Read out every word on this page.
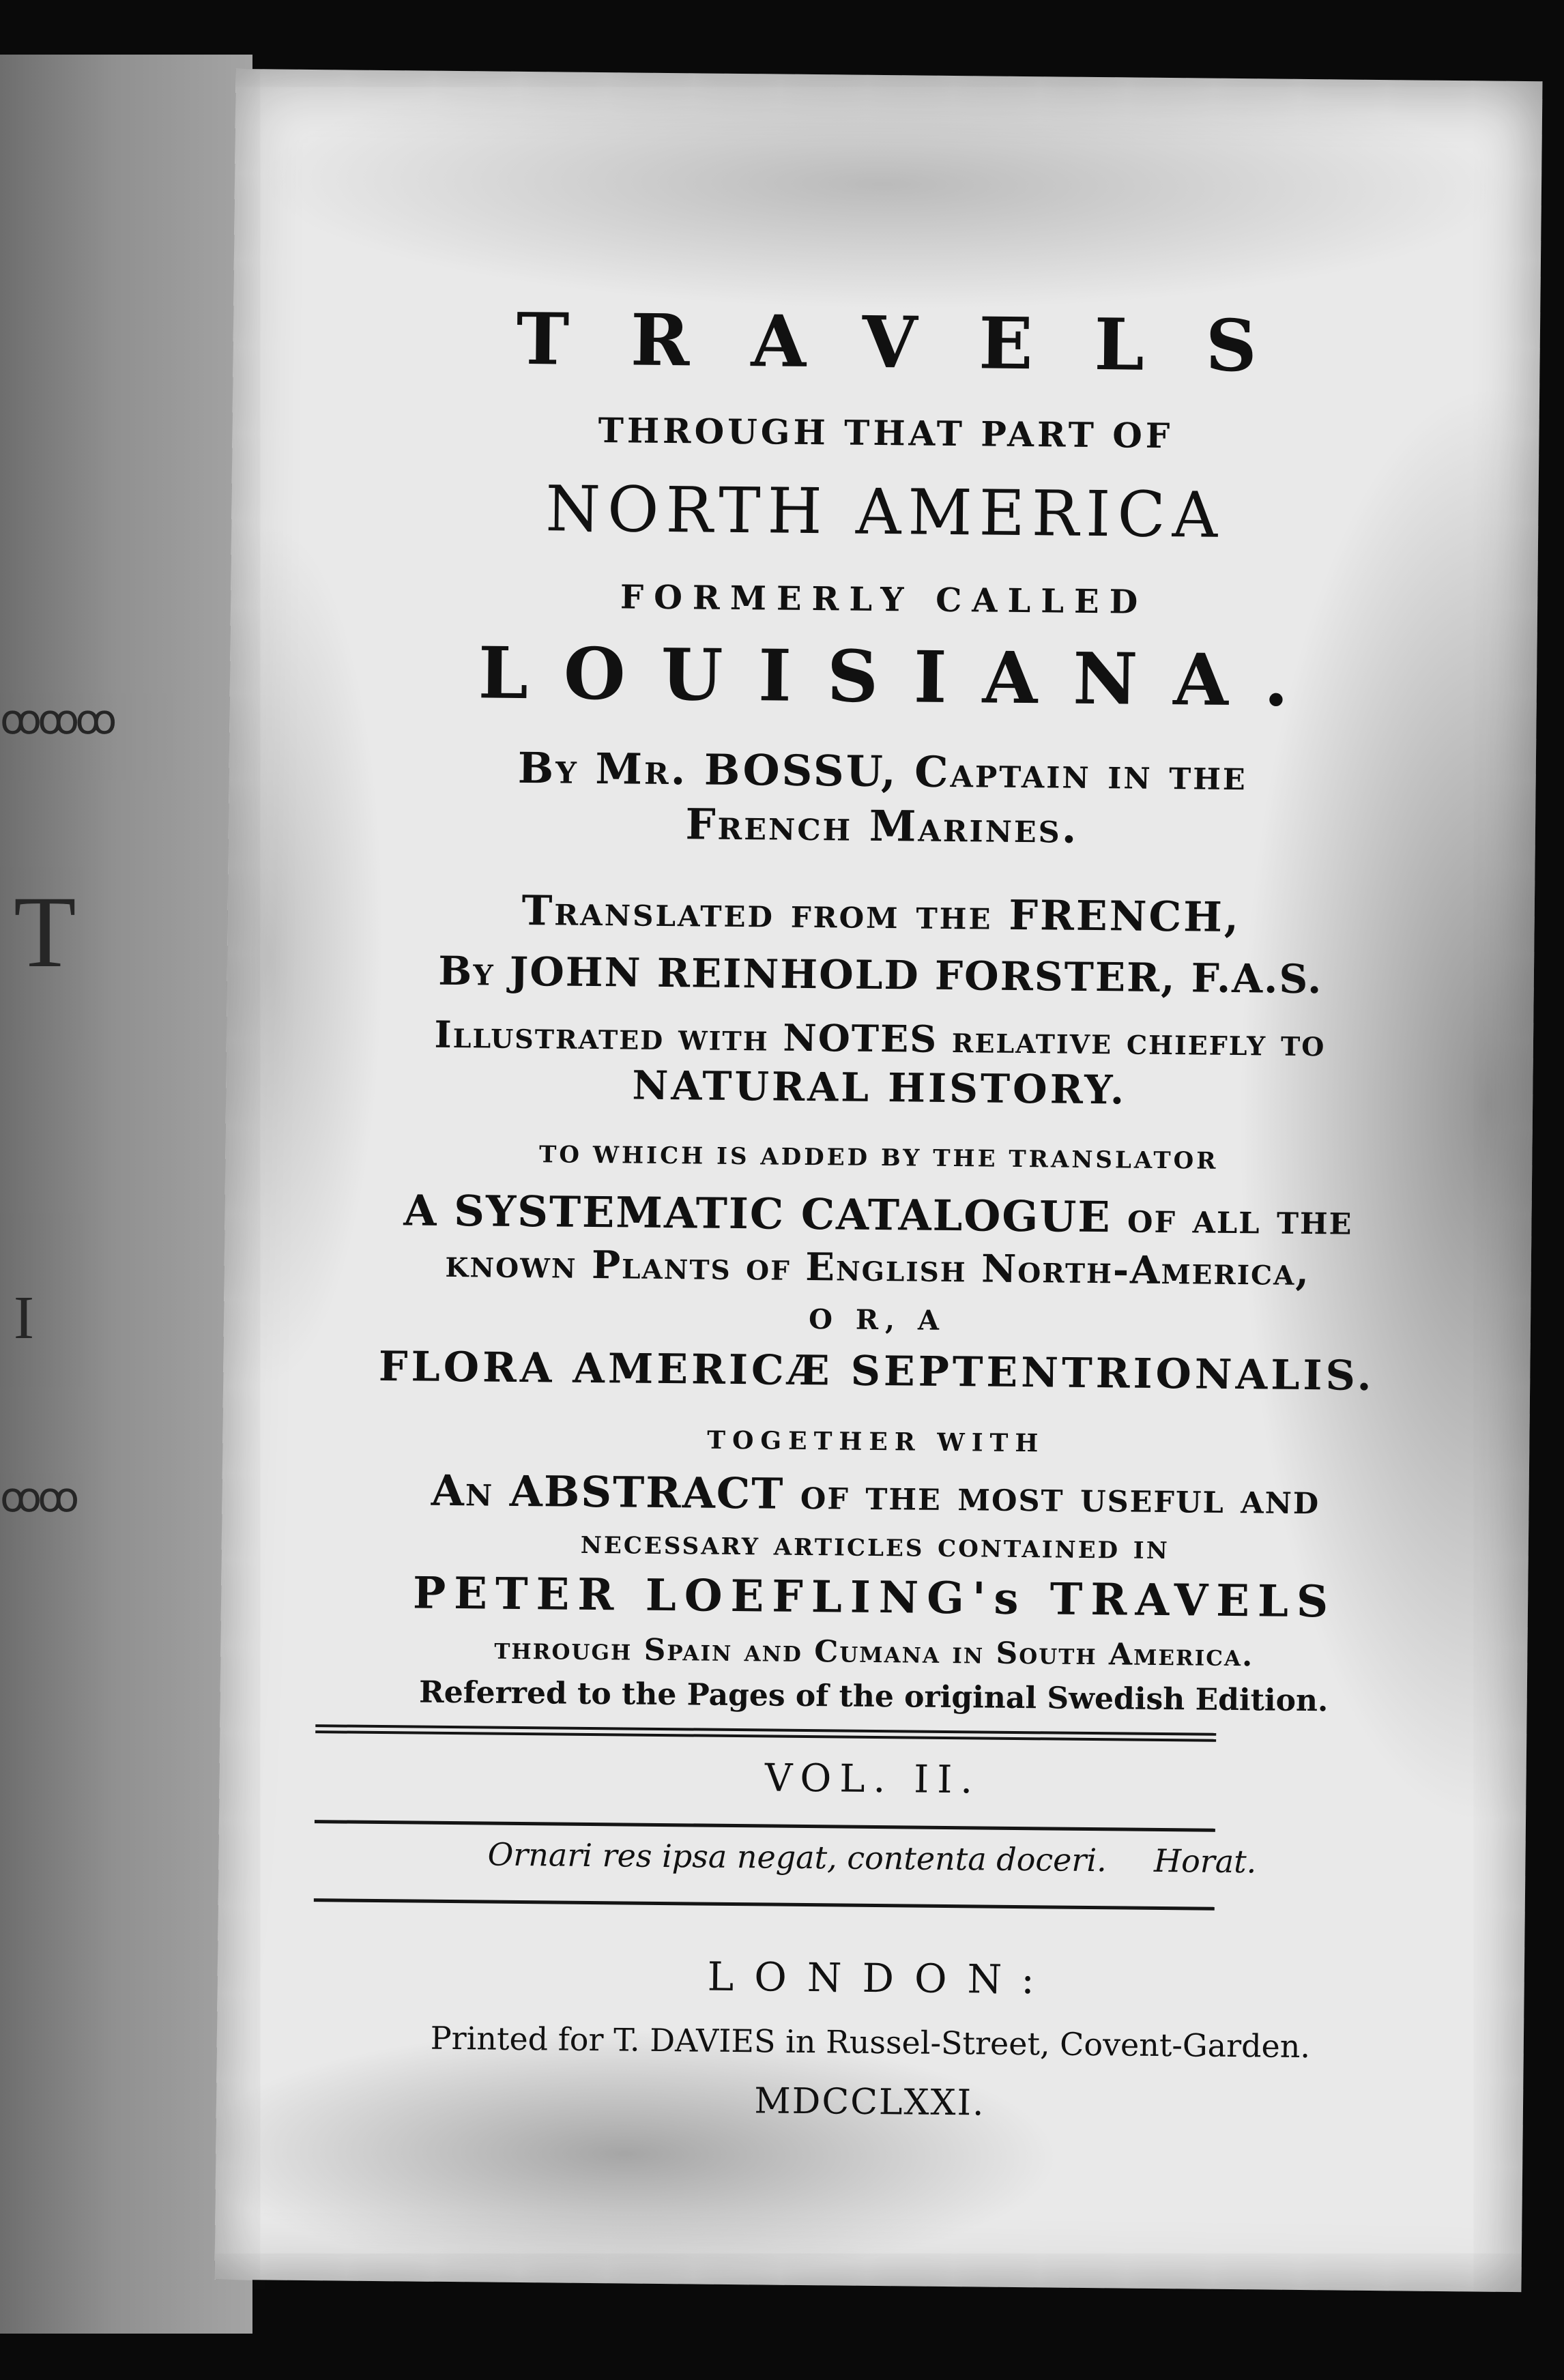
ꝏꝏꝏ
T
I
ꝏꝏ
TRAVELS
THROUGH THAT PART OF
NORTH AMERICA
FORMERLY CALLED
LOUISIANA.
By Mr. BOSSU, Captain in the
French Marines.
Translated from the FRENCH,
By JOHN REINHOLD FORSTER, F.A.S.
Illustrated with NOTES relative chiefly to
NATURAL HISTORY.
TO WHICH IS ADDED BY THE TRANSLATOR
A SYSTEMATIC CATALOGUE of all the
known Plants of English North-America,
O R, A
FLORA AMERICÆ SEPTENTRIONALIS.
TOGETHER WITH
An ABSTRACT of the most useful and
necessary articles contained in
PETER LOEFLING's TRAVELS
through Spain and Cumana in South America.
Referred to the Pages of the original Swedish Edition.
VOL. II.
Ornari res ipsa negat, contenta doceri. Horat.
LONDON:
Printed for T. DAVIES in Russel-Street, Covent-Garden.
MDCCLXXI.
